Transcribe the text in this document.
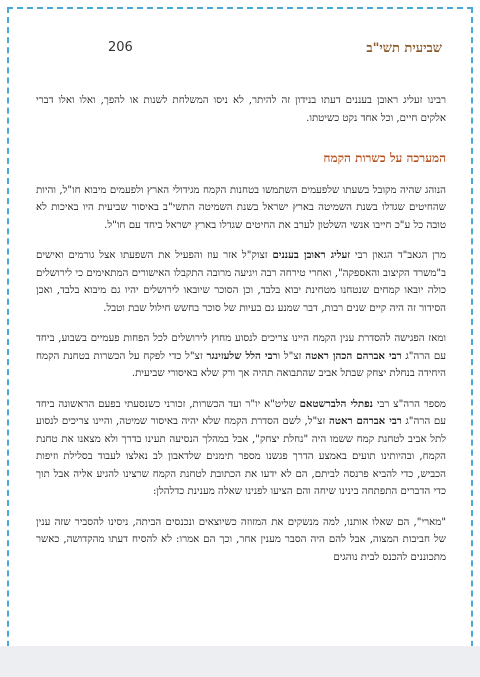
שביעית תשי"ב
206

רבינו זעליג ראובן בעננים דעתו בנידון זה להיתר, לא ניסו המשלחת לשנות או להפך, ואלו ואלו דברי אלקים חיים, וכל אחד נקט כשיטתו.

המערכה על כשרות הקמח

הנוהג שהיה מקובל בשעתו שלפעמים השתמשו בטחנות הקמח מגידולי הארץ ולפעמים מיבוא חו"ל, והיות שהחיטים שגדלו בשנת השמיטה בארץ ישראל בשנת השמיטה התשי"ב באיסור שביעית היו באיכות לא טובה כל ע"כ חייבו אנשי השלטון לערב את החיטים שגדלו בארץ ישראל ביחד עם חו"ל.

מרן הגאב"ד הגאון רבי זעליג ראובן בעננים זצוק"ל אזר עוז והפעיל את השפעתו אצל גורמים ואישים ב"משרד הקיצוב והאספקה", ואחרי טירחה רבה ויגיעה מרובה התקבלו האישורים המתאימים כי לירושלים כולה יובאו קמחים שנטחנו מטחינת יבוא בלבד, וכן הסוכר שיובאו לירושלים יהיו גם מיבוא בלבד, ואכן הסידור זה היה קיים שנים רבות, דבר שמנע גם בעיות של סוכר בחשש חילול שבת וטבל.

ומאז הפגישה להסדרת ענין הקמח היינו צריכים לנסוע מחוץ לירושלים לכל הפחות פעמיים בשבוע, ביחד עם הרה"ג רבי אברהם הכהן ראטה זצ"ל ורבי הלל שלעזינגר זצ"ל כדי לפקח על הכשרות בטחנת הקמח היחידה בנחלת יצחק שבתל אביב שהתבואה תהיה אך ורק שלא באיסורי שביעית.

מספר הרה"צ רבי נפתלי הלברשטאם שליט"א יו"ר ועד הכשרות, זכורני כשנסעתי בפעם הראשונה ביחד עם הרה"ג רבי אברהם ראטה זצ"ל, לשם הסדרת הקמח שלא יהיה באיסור שמיטה, והיינו צריכים לנסוע לתל אביב לטחנת קמח ששמו היה "נחלת יצחק", אבל במהלך הנסיעה תעינו בדרך ולא מצאנו את טחנת הקמח, ובהיותינו תועים באמצע הדרך פגשנו מספר תימנים שלדאבון לב נאלצו לעבוד בסלילת וזיפות הכביש, כדי להביא פרנסה לביתם, הם לא ידעו את הכתובת לטחנת הקמח שרצינו להגיע אליה אבל תוך כדי הדברים התפתחה בינינו שיחה והם הציעו לפנינו שאלה מענינת כדלהלן:

"מארי", הם שאלו אותנו, למה מנשקים את המזוזה כשיוצאים ונכנסים הביתה, ניסינו להסביר שזה ענין של חביבות המצוה, אבל להם היה הסבר מענין אחר, וכך הם אמרו: לא להסיח דעתו מהקדושה, כאשר מתכוננים להכנס לבית נוהגים
